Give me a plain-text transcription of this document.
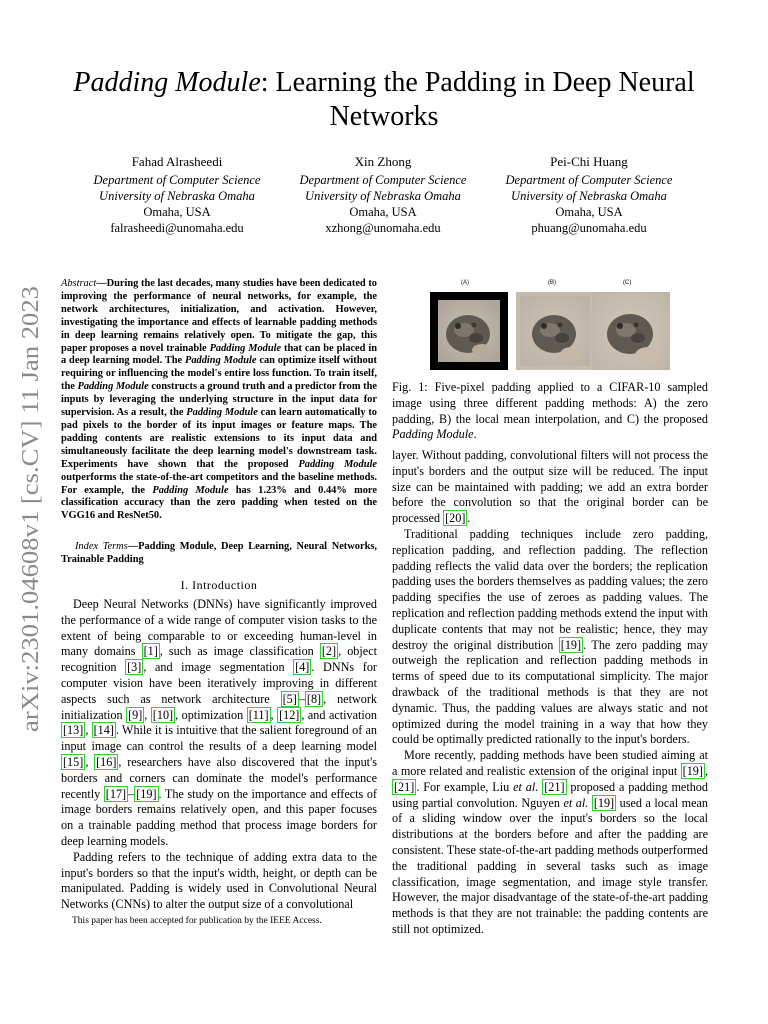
Padding Module: Learning the Padding in Deep Neural Networks
Fahad Alrasheedi
Department of Computer Science
University of Nebraska Omaha
Omaha, USA
falrasheedi@unomaha.edu
Xin Zhong
Department of Computer Science
University of Nebraska Omaha
Omaha, USA
xzhong@unomaha.edu
Pei-Chi Huang
Department of Computer Science
University of Nebraska Omaha
Omaha, USA
phuang@unomaha.edu
arXiv:2301.04608v1 [cs.CV] 11 Jan 2023
Abstract—During the last decades, many studies have been dedicated to improving the performance of neural networks, for example, the network architectures, initialization, and activation. However, investigating the importance and effects of learnable padding methods in deep learning remains relatively open. To mitigate the gap, this paper proposes a novel trainable Padding Module that can be placed in a deep learning model. The Padding Module can optimize itself without requiring or influencing the model's entire loss function. To train itself, the Padding Module constructs a ground truth and a predictor from the inputs by leveraging the underlying structure in the input data for supervision. As a result, the Padding Module can learn automatically to pad pixels to the border of its input images or feature maps. The padding contents are realistic extensions to its input data and simultaneously facilitate the deep learning model's downstream task. Experiments have shown that the proposed Padding Module outperforms the state-of-the-art competitors and the baseline methods. For example, the Padding Module has 1.23% and 0.44% more classification accuracy than the zero padding when tested on the VGG16 and ResNet50.
Index Terms—Padding Module, Deep Learning, Neural Networks, Trainable Padding
I. Introduction

Deep Neural Networks (DNNs) have significantly improved the performance of a wide range of computer vision tasks to the extent of being comparable to or exceeding human-level in many domains [1] , such as image classification [2] , object recognition [3] , and image segmentation [4] . DNNs for computer vision have been iteratively improving in different aspects such as network architecture [5] – [8] , network initialization [9] , [10] , optimization [11] , [12] , and activation [13] , [14] . While it is intuitive that the salient foreground of an input image can control the results of a deep learning model [15] , [16] , researchers have also discovered that the input's borders and corners can dominate the model's performance recently [17] – [19] . The study on the importance and effects of image borders remains relatively open, and this paper focuses on a trainable padding method that process image borders for deep learning models.

Padding refers to the technique of adding extra data to the input's borders so that the input's width, height, or depth can be manipulated. Padding is widely used in Convolutional Neural Networks (CNNs) to alter the output size of a convolutional

This paper has been accepted for publication by the IEEE Access.
(A)	(B)	(C)
Fig. 1: Five-pixel padding applied to a CIFAR-10 sampled image using three different padding methods: A) the zero padding, B) the local mean interpolation, and C) the proposed Padding Module.

layer. Without padding, convolutional filters will not process the input's borders and the output size will be reduced. The input size can be maintained with padding; we add an extra border before the convolution so that the original border can be processed [20] .

Traditional padding techniques include zero padding, replication padding, and reflection padding. The reflection padding reflects the valid data over the borders; the replication padding uses the borders themselves as padding values; the zero padding specifies the use of zeroes as padding values. The replication and reflection padding methods extend the input with duplicate contents that may not be realistic; hence, they may destroy the original distribution [19] . The zero padding may outweigh the replication and reflection padding methods in terms of speed due to its computational simplicity. The major drawback of the traditional methods is that they are not dynamic. Thus, the padding values are always static and not optimized during the model training in a way that how they could be optimally predicted rationally to the input's borders.

More recently, padding methods have been studied aiming at a more related and realistic extension of the original input [19] , [21] . For example, Liu et al. [21] proposed a padding method using partial convolution. Nguyen et al. [19] used a local mean of a sliding window over the input's borders so the local distributions at the borders before and after the padding are consistent. These state-of-the-art padding methods outperformed the traditional padding in several tasks such as image classification, image segmentation, and image style transfer. However, the major disadvantage of the state-of-the-art padding methods is that they are not trainable: the padding contents are still not optimized.
